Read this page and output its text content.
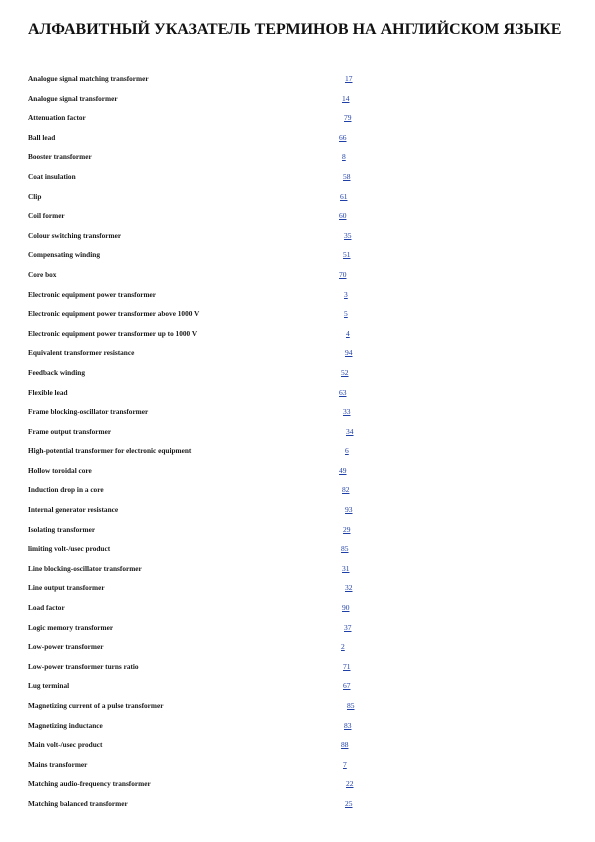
АЛФАВИТНЫЙ УКАЗАТЕЛЬ ТЕРМИНОВ НА АНГЛИЙСКОМ ЯЗЫКЕ
Analogue signal matching transformer	17
Analogue signal transformer	14
Attenuation factor	79
Ball lead	66
Booster transformer	8
Coat insulation	58
Clip	61
Coil former	60
Colour switching transformer	35
Compensating winding	51
Core box	70
Electronic equipment power transformer	3
Electronic equipment power transformer above 1000 V	5
Electronic equipment power transformer up to 1000 V	4
Equivalent transformer resistance	94
Feedback winding	52
Flexible lead	63
Frame blocking-oscillator transformer	33
Frame output transformer	34
High-potential transformer for electronic equipment	6
Hollow toroidal core	49
Induction drop in a core	82
Internal generator resistance	93
Isolating transformer	29
limiting volt-/usec product	85
Line blocking-oscillator transformer	31
Line output transformer	32
Load factor	90
Logic memory transformer	37
Low-power transformer	2
Low-power transformer turns ratio	71
Lug terminal	67
Magnetizing current of a pulse transformer	85
Magnetizing inductance	83
Main volt-/usec product	88
Mains transformer	7
Matching audio-frequency transformer	22
Matching balanced transformer	25
